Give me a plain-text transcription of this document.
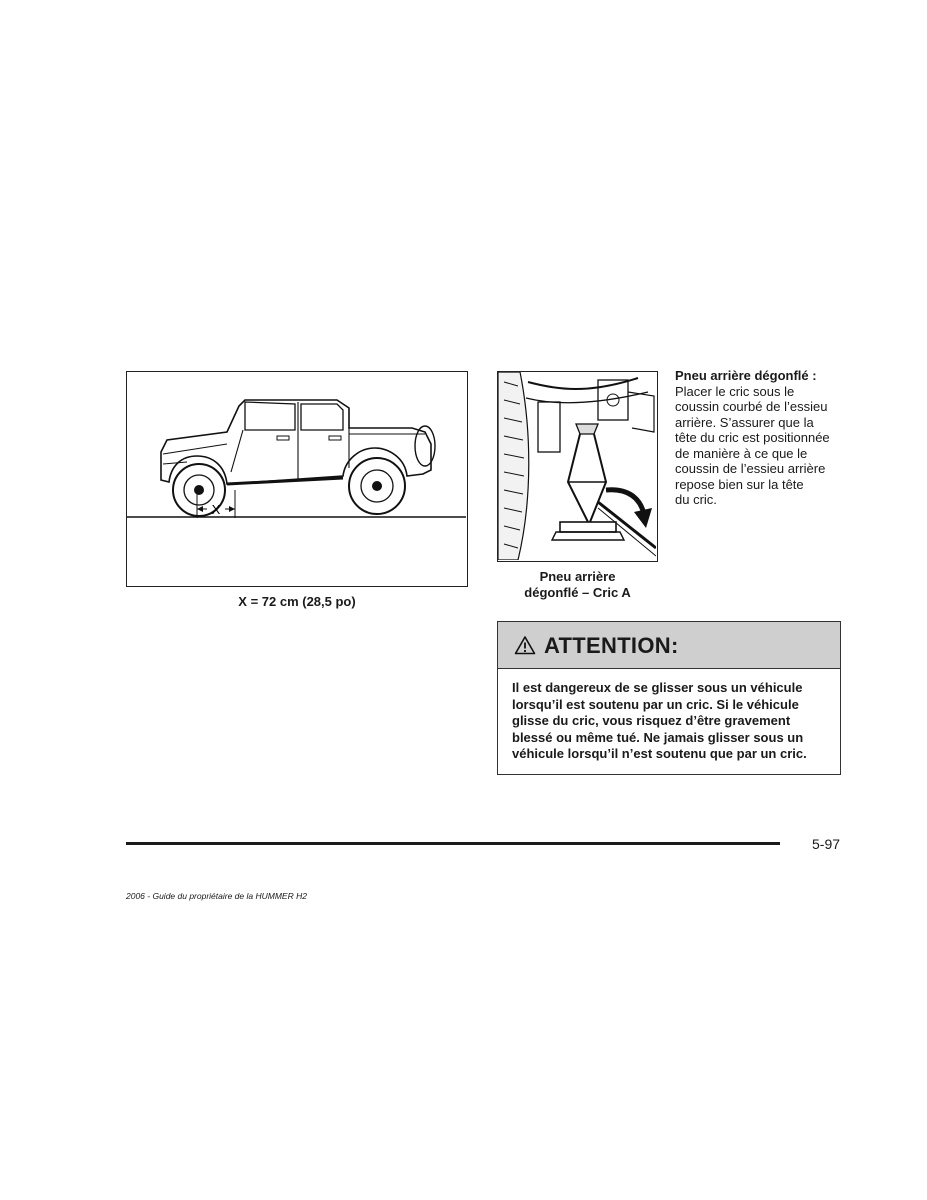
X
X = 72 cm (28,5 po)
Pneu arrière
dégonflé – Cric A
Pneu arrière dégonflé :
Placer le cric sous le
coussin courbé de l’essieu
arrière. S’assurer que la
tête du cric est positionnée
de manière à ce que le
coussin de l’essieu arrière
repose bien sur la tête
du cric.
ATTENTION:
Il est dangereux de se glisser sous un véhicule
lorsqu’il est soutenu par un cric. Si le véhicule
glisse du cric, vous risquez d’être gravement
blessé ou même tué. Ne jamais glisser sous un
véhicule lorsqu’il n’est soutenu que par un cric.
5-97
2006 - Guide du propriétaire de la HUMMER H2
